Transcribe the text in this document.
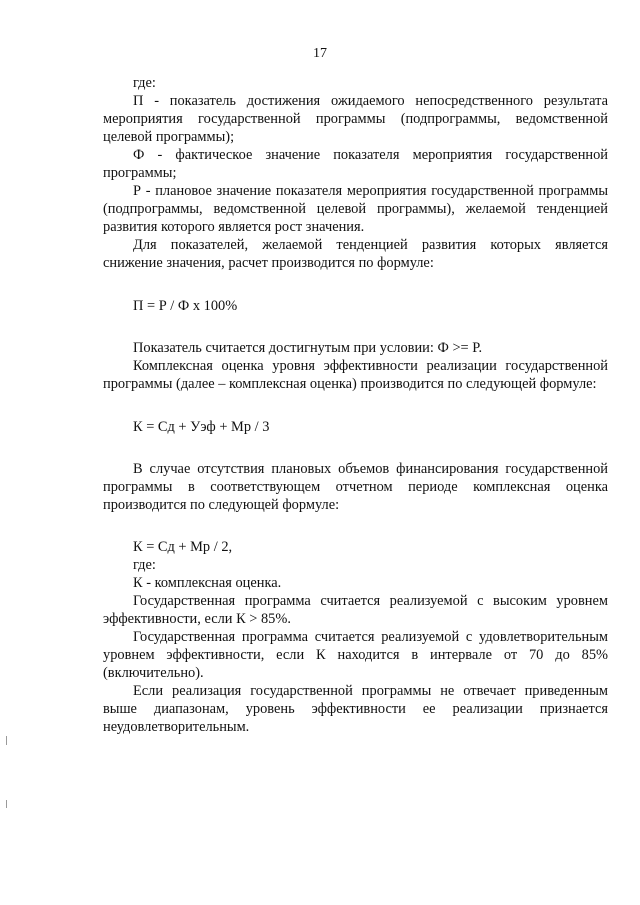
17

где:

П - показатель достижения ожидаемого непосредственного результата мероприятия государственной программы (подпрограммы, ведомственной целевой программы);

Ф - фактическое значение показателя мероприятия государственной программы;

Р - плановое значение показателя мероприятия государственной программы (подпрограммы, ведомственной целевой программы), желаемой тенденцией развития которого является рост значения.

Для показателей, желаемой тенденцией развития которых является снижение значения, расчет производится по формуле:

П = Р / Ф х 100%

Показатель считается достигнутым при условии: Ф >= Р.

Комплексная оценка уровня эффективности реализации государственной программы (далее – комплексная оценка) производится по следующей формуле:

К = Сд + Уэф + Мр / 3

В случае отсутствия плановых объемов финансирования государственной программы в соответствующем отчетном периоде комплексная оценка производится по следующей формуле:

К = Сд + Мр / 2,

где:

К - комплексная оценка.

Государственная программа считается реализуемой с высоким уровнем эффективности, если К > 85%.

Государственная программа считается реализуемой с удовлетворительным уровнем эффективности, если К находится в интервале от 70 до 85% (включительно).

Если реализация государственной программы не отвечает приведенным выше диапазонам, уровень эффективности ее реализации признается неудовлетворительным.
